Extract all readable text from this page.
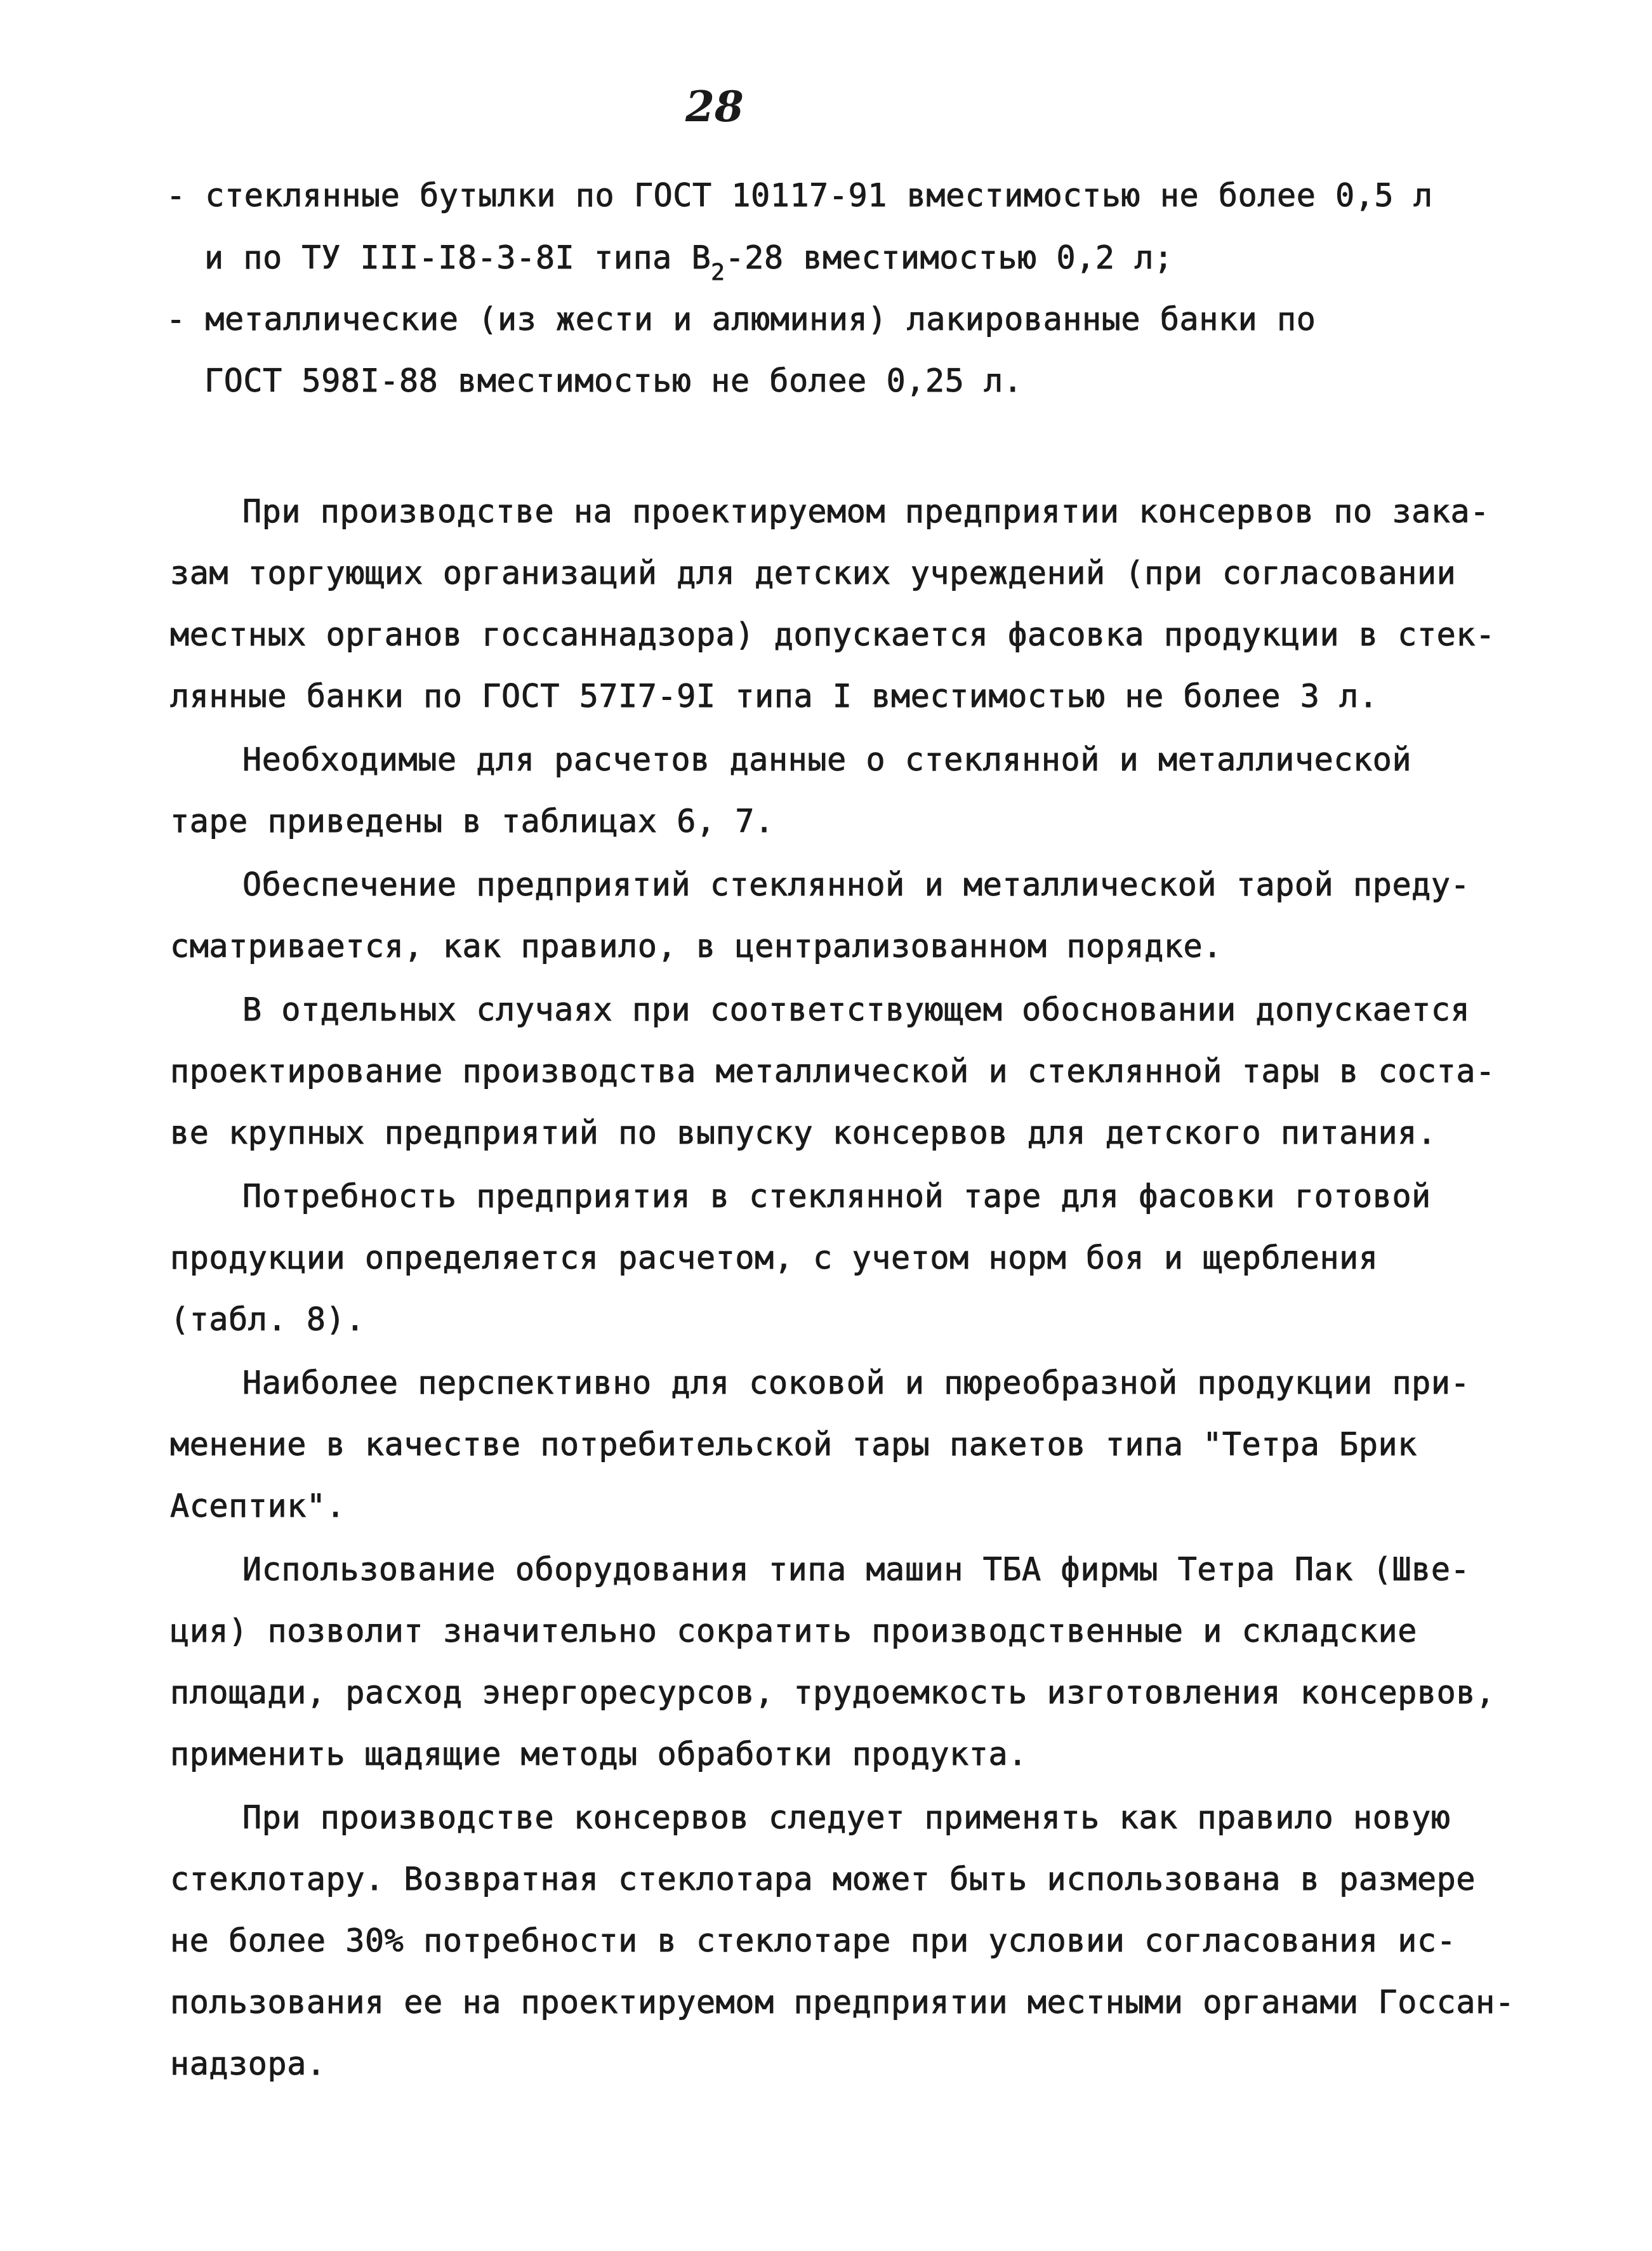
28
- стеклянные бутылки по ГОСТ 10117-91 вместимостью не более 0,5 л
и по ТУ III-I8-3-8I типа $В_2-28$ вместимостью 0,2 л;
- металлические (из жести и алюминия) лакированные банки по
ГОСТ 598I-88 вместимостью не более 0,25 л.
При производстве на проектируемом предприятии консервов по зака-
зам торгующих организаций для детских учреждений (при согласовании
местных органов госсаннадзора) допускается фасовка продукции в стек-
лянные банки по ГОСТ 57I7-9I типа I вместимостью не более 3 л.
Необходимые для расчетов данные о стеклянной и металлической
таре приведены в таблицах 6, 7.
Обеспечение предприятий стеклянной и металлической тарой преду-
сматривается, как правило, в централизованном порядке.
В отдельных случаях при соответствующем обосновании допускается
проектирование производства металлической и стеклянной тары в соста-
ве крупных предприятий по выпуску консервов для детского питания.
Потребность предприятия в стеклянной таре для фасовки готовой
продукции определяется расчетом, с учетом норм боя и щербления
(табл. 8).
Наиболее перспективно для соковой и пюреобразной продукции при-
менение в качестве потребительской тары пакетов типа "Тетра Брик
Асептик".
Использование оборудования типа машин ТБА фирмы Тетра Пак (Шве-
ция) позволит значительно сократить производственные и складские
площади, расход энергоресурсов, трудоемкость изготовления консервов,
применить щадящие методы обработки продукта.
При производстве консервов следует применять как правило новую
стеклотару. Возвратная стеклотара может быть использована в размере
не более 30% потребности в стеклотаре при условии согласования ис-
пользования ее на проектируемом предприятии местными органами Госсан-
надзора.
